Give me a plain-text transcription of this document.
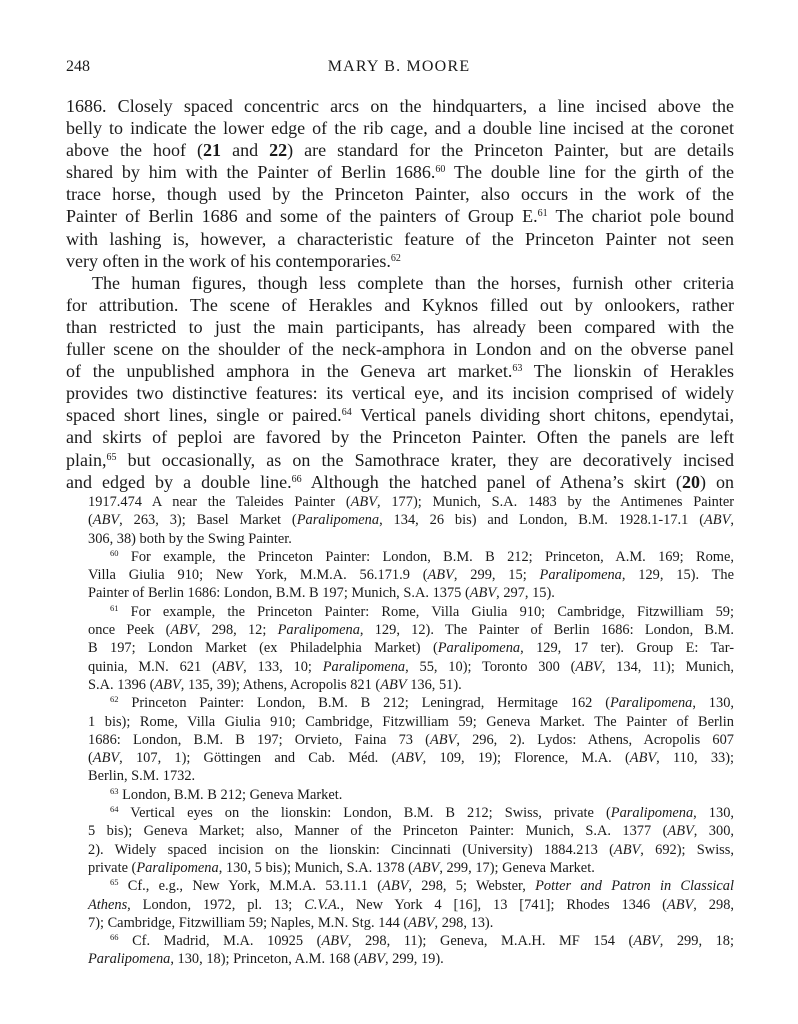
248	MARY B. MOORE

1686. Closely spaced concentric arcs on the hindquarters, a line incised above the

belly to indicate the lower edge of the rib cage, and a double line incised at the coronet

above the hoof (21 and 22) are standard for the Princeton Painter, but are details

shared by him with the Painter of Berlin 1686.60 The double line for the girth of the

trace horse, though used by the Princeton Painter, also occurs in the work of the

Painter of Berlin 1686 and some of the painters of Group E.$^{61}$ The chariot pole bound

with lashing is, however, a characteristic feature of the Princeton Painter not seen

very often in the work of his contemporaries.$^{62}$

The human figures, though less complete than the horses, furnish other criteria

for attribution. The scene of Herakles and Kyknos filled out by onlookers, rather

than restricted to just the main participants, has already been compared with the

fuller scene on the shoulder of the neck-amphora in London and on the obverse panel

of the unpublished amphora in the Geneva art market.$^{63}$ The lionskin of Herakles

provides two distinctive features: its vertical eye, and its incision comprised of widely

spaced short lines, single or paired.$^{64}$ Vertical panels dividing short chitons, ependytai,

and skirts of peploi are favored by the Princeton Painter. Often the panels are left

plain,$^{65}$ but occasionally, as on the Samothrace krater, they are decoratively incised

and edged by a double line.$^{66}$ Although the hatched panel of Athena’s skirt (20) on

1917.474 A near the Taleides Painter (ABV, 177); Munich, S.A. 1483 by the Antimenes Painter

(ABV, 263, 3); Basel Market (Paralipomena, 134, 26 bis) and London, B.M. 1928.1-17.1 (ABV,

306, 38) both by the Swing Painter.

$^{60}$ For example, the Princeton Painter: London, B.M. B 212; Princeton, A.M. 169; Rome,

Villa Giulia 910; New York, M.M.A. 56.171.9 (ABV, 299, 15; Paralipomena, 129, 15). The

Painter of Berlin 1686: London, B.M. B 197; Munich, S.A. 1375 (ABV, 297, 15).

$^{61}$ For example, the Princeton Painter: Rome, Villa Giulia 910; Cambridge, Fitzwilliam 59;

once Peek (ABV, 298, 12; Paralipomena, 129, 12). The Painter of Berlin 1686: London, B.M.

B 197; London Market (ex Philadelphia Market) (Paralipomena, 129, 17 ter). Group E: Tar-

quinia, M.N. 621 (ABV, 133, 10; Paralipomena, 55, 10); Toronto 300 (ABV, 134, 11); Munich,

S.A. 1396 (ABV, 135, 39); Athens, Acropolis 821 (ABV 136, 51).

$^{62}$ Princeton Painter: London, B.M. B 212; Leningrad, Hermitage 162 (Paralipomena, 130,

1 bis); Rome, Villa Giulia 910; Cambridge, Fitzwilliam 59; Geneva Market. The Painter of Berlin

1686: London, B.M. B 197; Orvieto, Faina 73 (ABV, 296, 2). Lydos: Athens, Acropolis 607

(ABV, 107, 1); Göttingen and Cab. Méd. (ABV, 109, 19); Florence, M.A. (ABV, 110, 33);

Berlin, S.M. 1732.

$^{63}$ London, B.M. B 212; Geneva Market.

$^{64}$ Vertical eyes on the lionskin: London, B.M. B 212; Swiss, private (Paralipomena, 130,

5 bis); Geneva Market; also, Manner of the Princeton Painter: Munich, S.A. 1377 (ABV, 300,

2). Widely spaced incision on the lionskin: Cincinnati (University) 1884.213 (ABV, 692); Swiss,

private (Paralipomena, 130, 5 bis); Munich, S.A. 1378 (ABV, 299, 17); Geneva Market.

$^{65}$ Cf., e.g., New York, M.M.A. 53.11.1 (ABV, 298, 5; Webster, Potter and Patron in Classical

Athens, London, 1972, pl. 13; C.V.A., New York 4 [16], 13 [741]; Rhodes 1346 (ABV, 298,

7); Cambridge, Fitzwilliam 59; Naples, M.N. Stg. 144 (ABV, 298, 13).

$^{66}$ Cf. Madrid, M.A. 10925 (ABV, 298, 11); Geneva, M.A.H. MF 154 (ABV, 299, 18;

Paralipomena, 130, 18); Princeton, A.M. 168 (ABV, 299, 19).
